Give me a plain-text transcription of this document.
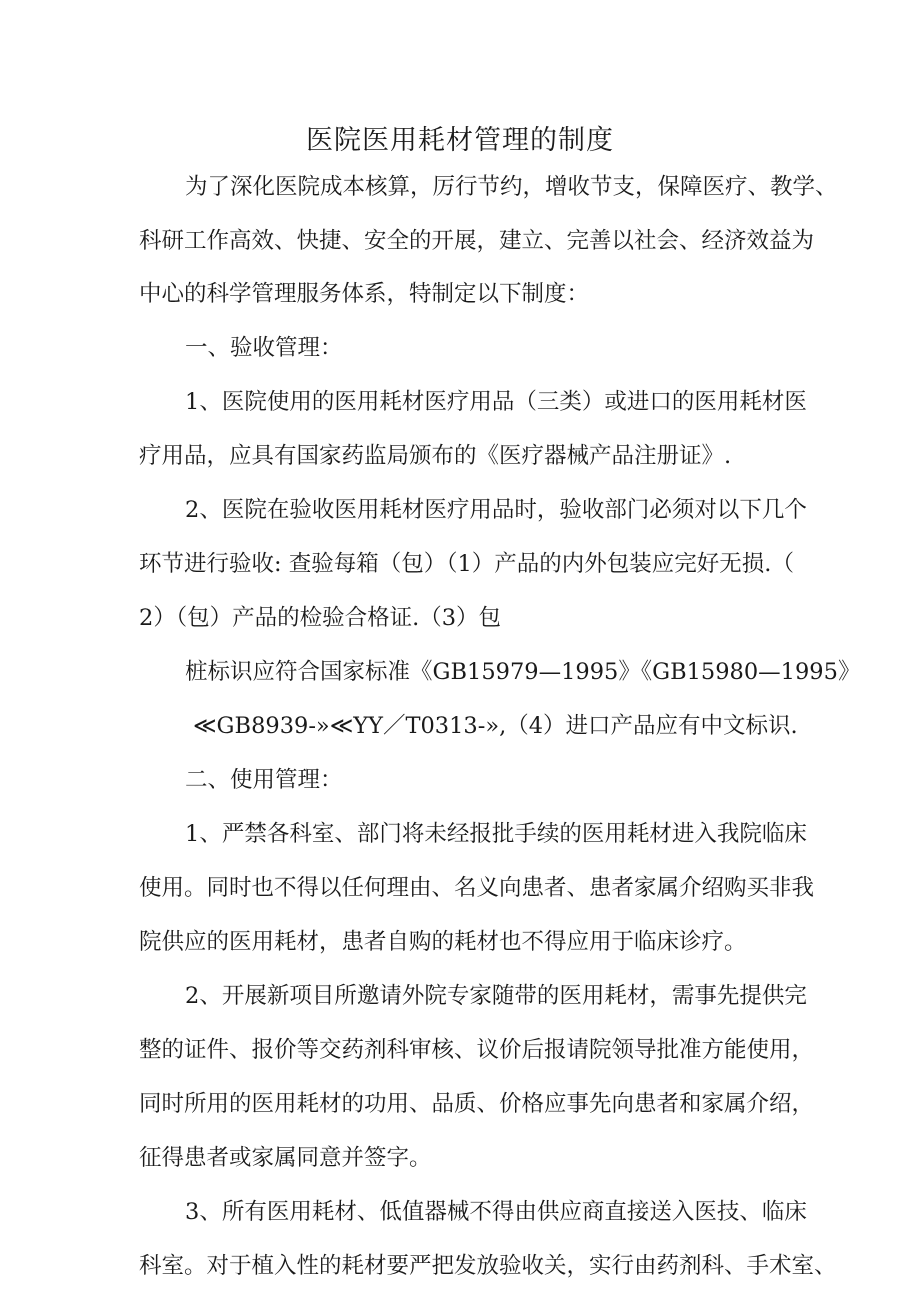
医院医用耗材管理的制度
为了深化医院成本核算，厉行节约，增收节支，保障医疗、教学、
科研工作高效、快捷、安全的开展，建立、完善以社会、经济效益为
中心的科学管理服务体系，特制定以下制度：
一、验收管理：
1、医院使用的医用耗材医疗用品（三类）或进口的医用耗材医
疗用品，应具有国家药监局颁布的《医疗器械产品注册证》.
2、医院在验收医用耗材医疗用品时，验收部门必须对以下几个
环节进行验收: 查验每箱（包）（1）产品的内外包装应完好无损.（
2）（包）产品的检验合格证.（3）包
桩标识应符合国家标准《GB15979—1995》《GB15980—1995》
≪GB8939-»≪YY／T0313-»,（4）进口产品应有中文标识.
二、使用管理：
1、严禁各科室、部门将未经报批手续的医用耗材进入我院临床
使用。同时也不得以任何理由、名义向患者、患者家属介绍购买非我
院供应的医用耗材，患者自购的耗材也不得应用于临床诊疗。
2、开展新项目所邀请外院专家随带的医用耗材，需事先提供完
整的证件、报价等交药剂科审核、议价后报请院领导批准方能使用，
同时所用的医用耗材的功用、品质、价格应事先向患者和家属介绍，
征得患者或家属同意并签字。
3、所有医用耗材、低值器械不得由供应商直接送入医技、临床
科室。对于植入性的耗材要严把发放验收关，实行由药剂科、手术室、
